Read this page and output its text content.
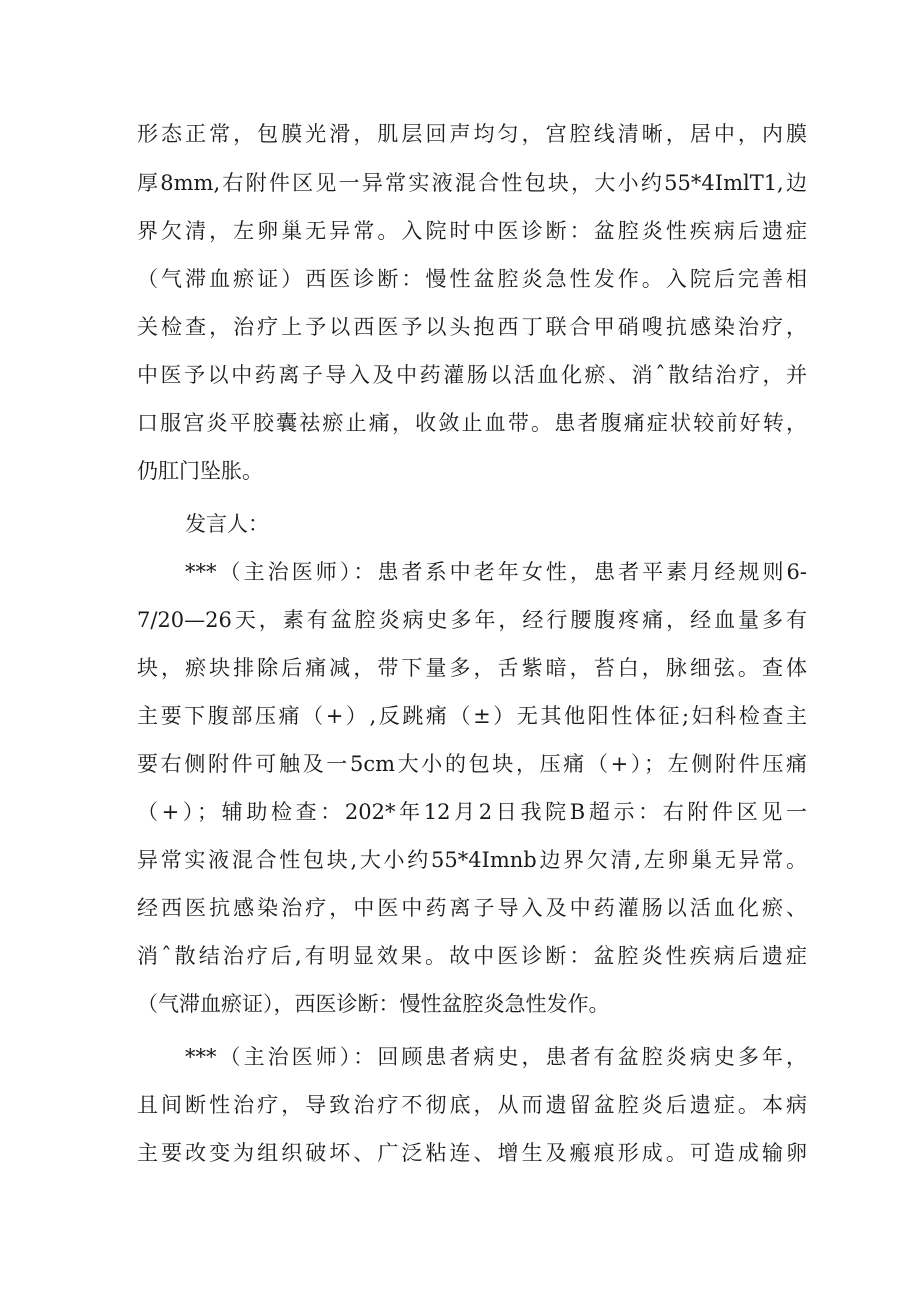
形态正常，包膜光滑，肌层回声均匀，宫腔线清晰，居中，内膜
厚8mm,右附件区见一异常实液混合性包块，大小约55*4ImlT1,边
界欠清，左卵巢无异常。入院时中医诊断：盆腔炎性疾病后遗症
（气滞血瘀证）西医诊断：慢性盆腔炎急性发作。入院后完善相
关检查，治疗上予以西医予以头抱西丁联合甲硝嗖抗感染治疗，
中医予以中药离子导入及中药灌肠以活血化瘀、消ˆ散结治疗，并
口服宫炎平胶囊祛瘀止痛，收敛止血带。患者腹痛症状较前好转，
仍肛门坠胀。
发言人：
***（主治医师）：患者系中老年女性，患者平素月经规则6-
7/20—26天，素有盆腔炎病史多年，经行腰腹疼痛，经血量多有
块，瘀块排除后痛减，带下量多，舌紫暗，苔白，脉细弦。查体
主要下腹部压痛（+）,反跳痛（±）无其他阳性体征;妇科检查主
要右侧附件可触及一5cm大小的包块，压痛（+）；左侧附件压痛
（+）；辅助检查：202*年12月2日我院B超示：右附件区见一
异常实液混合性包块,大小约55*4Imnb边界欠清,左卵巢无异常。
经西医抗感染治疗，中医中药离子导入及中药灌肠以活血化瘀、
消ˆ散结治疗后,有明显效果。故中医诊断：盆腔炎性疾病后遗症
（气滞血瘀证），西医诊断：慢性盆腔炎急性发作。
***（主治医师）：回顾患者病史，患者有盆腔炎病史多年，
且间断性治疗，导致治疗不彻底，从而遗留盆腔炎后遗症。本病
主要改变为组织破坏、广泛粘连、增生及瘢痕形成。可造成输卵
